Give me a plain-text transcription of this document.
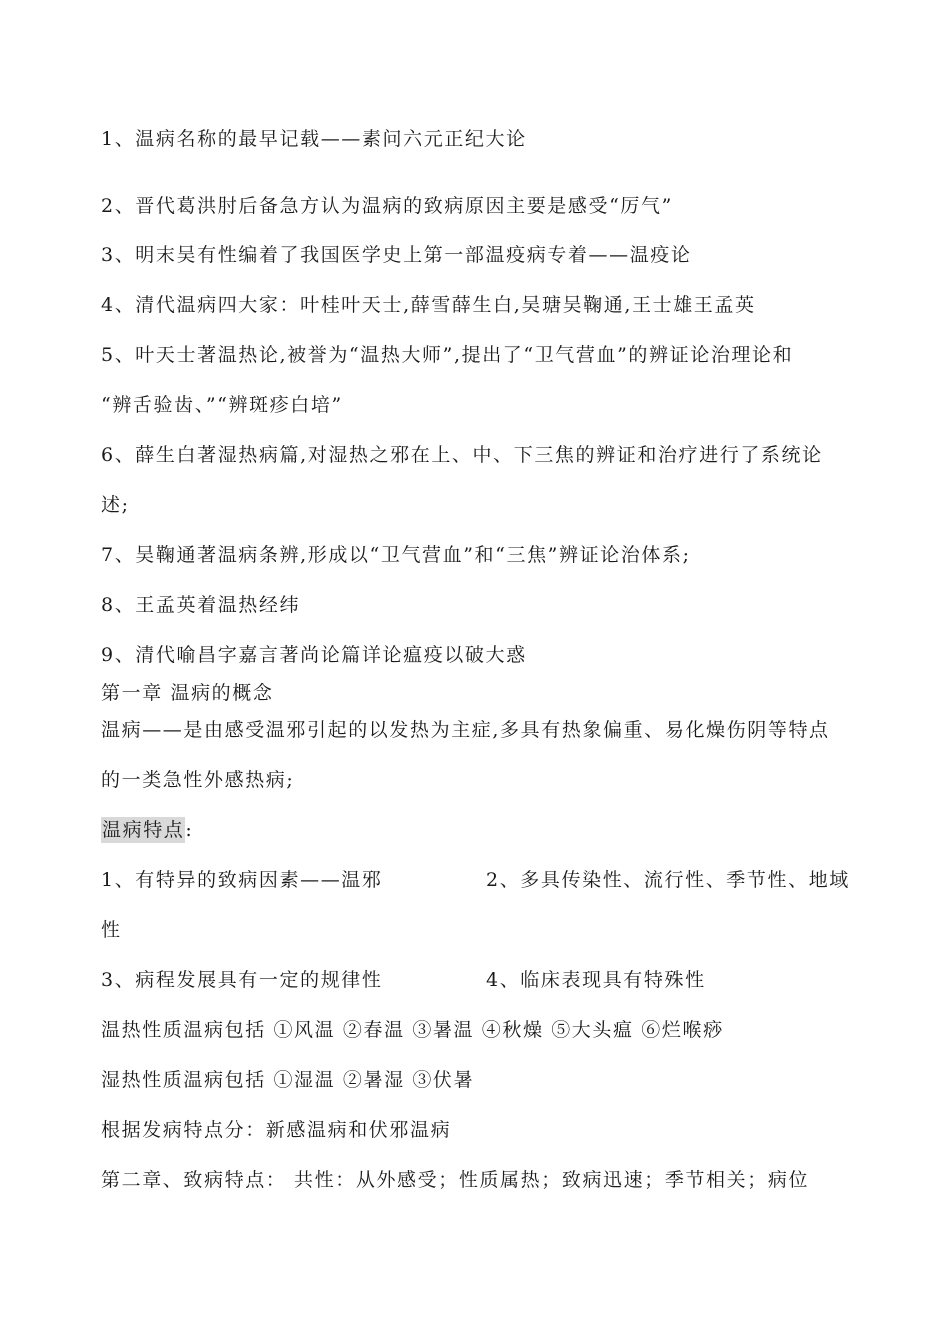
1、温病名称的最早记载——素问六元正纪大论
2、晋代葛洪肘后备急方认为温病的致病原因主要是感受“厉气”
3、明末吴有性编着了我国医学史上第一部温疫病专着——温疫论
4、清代温病四大家：叶桂叶天士,薛雪薛生白,吴瑭吴鞠通,王士雄王孟英
5、叶天士著温热论,被誉为“温热大师”,提出了“卫气营血”的辨证论治理论和
“辨舌验齿、”“辨斑疹白培”
6、薛生白著湿热病篇,对湿热之邪在上、中、下三焦的辨证和治疗进行了系统论
述;
7、吴鞠通著温病条辨,形成以“卫气营血”和“三焦”辨证论治体系;
8、王孟英着温热经纬
9、清代喻昌字嘉言著尚论篇详论瘟疫以破大惑
第一章 温病的概念
温病——是由感受温邪引起的以发热为主症,多具有热象偏重、易化燥伤阴等特点
的一类急性外感热病;
温病特点:
1、有特异的致病因素——温邪	2、多具传染性、流行性、季节性、地域
性
3、病程发展具有一定的规律性	4、临床表现具有特殊性
温热性质温病包括 ①风温 ②春温 ③暑温 ④秋燥 ⑤大头瘟 ⑥烂喉痧
湿热性质温病包括 ①湿温 ②暑湿 ③伏暑
根据发病特点分：新感温病和伏邪温病
第二章、致病特点： 共性：从外感受；性质属热；致病迅速；季节相关；病位
